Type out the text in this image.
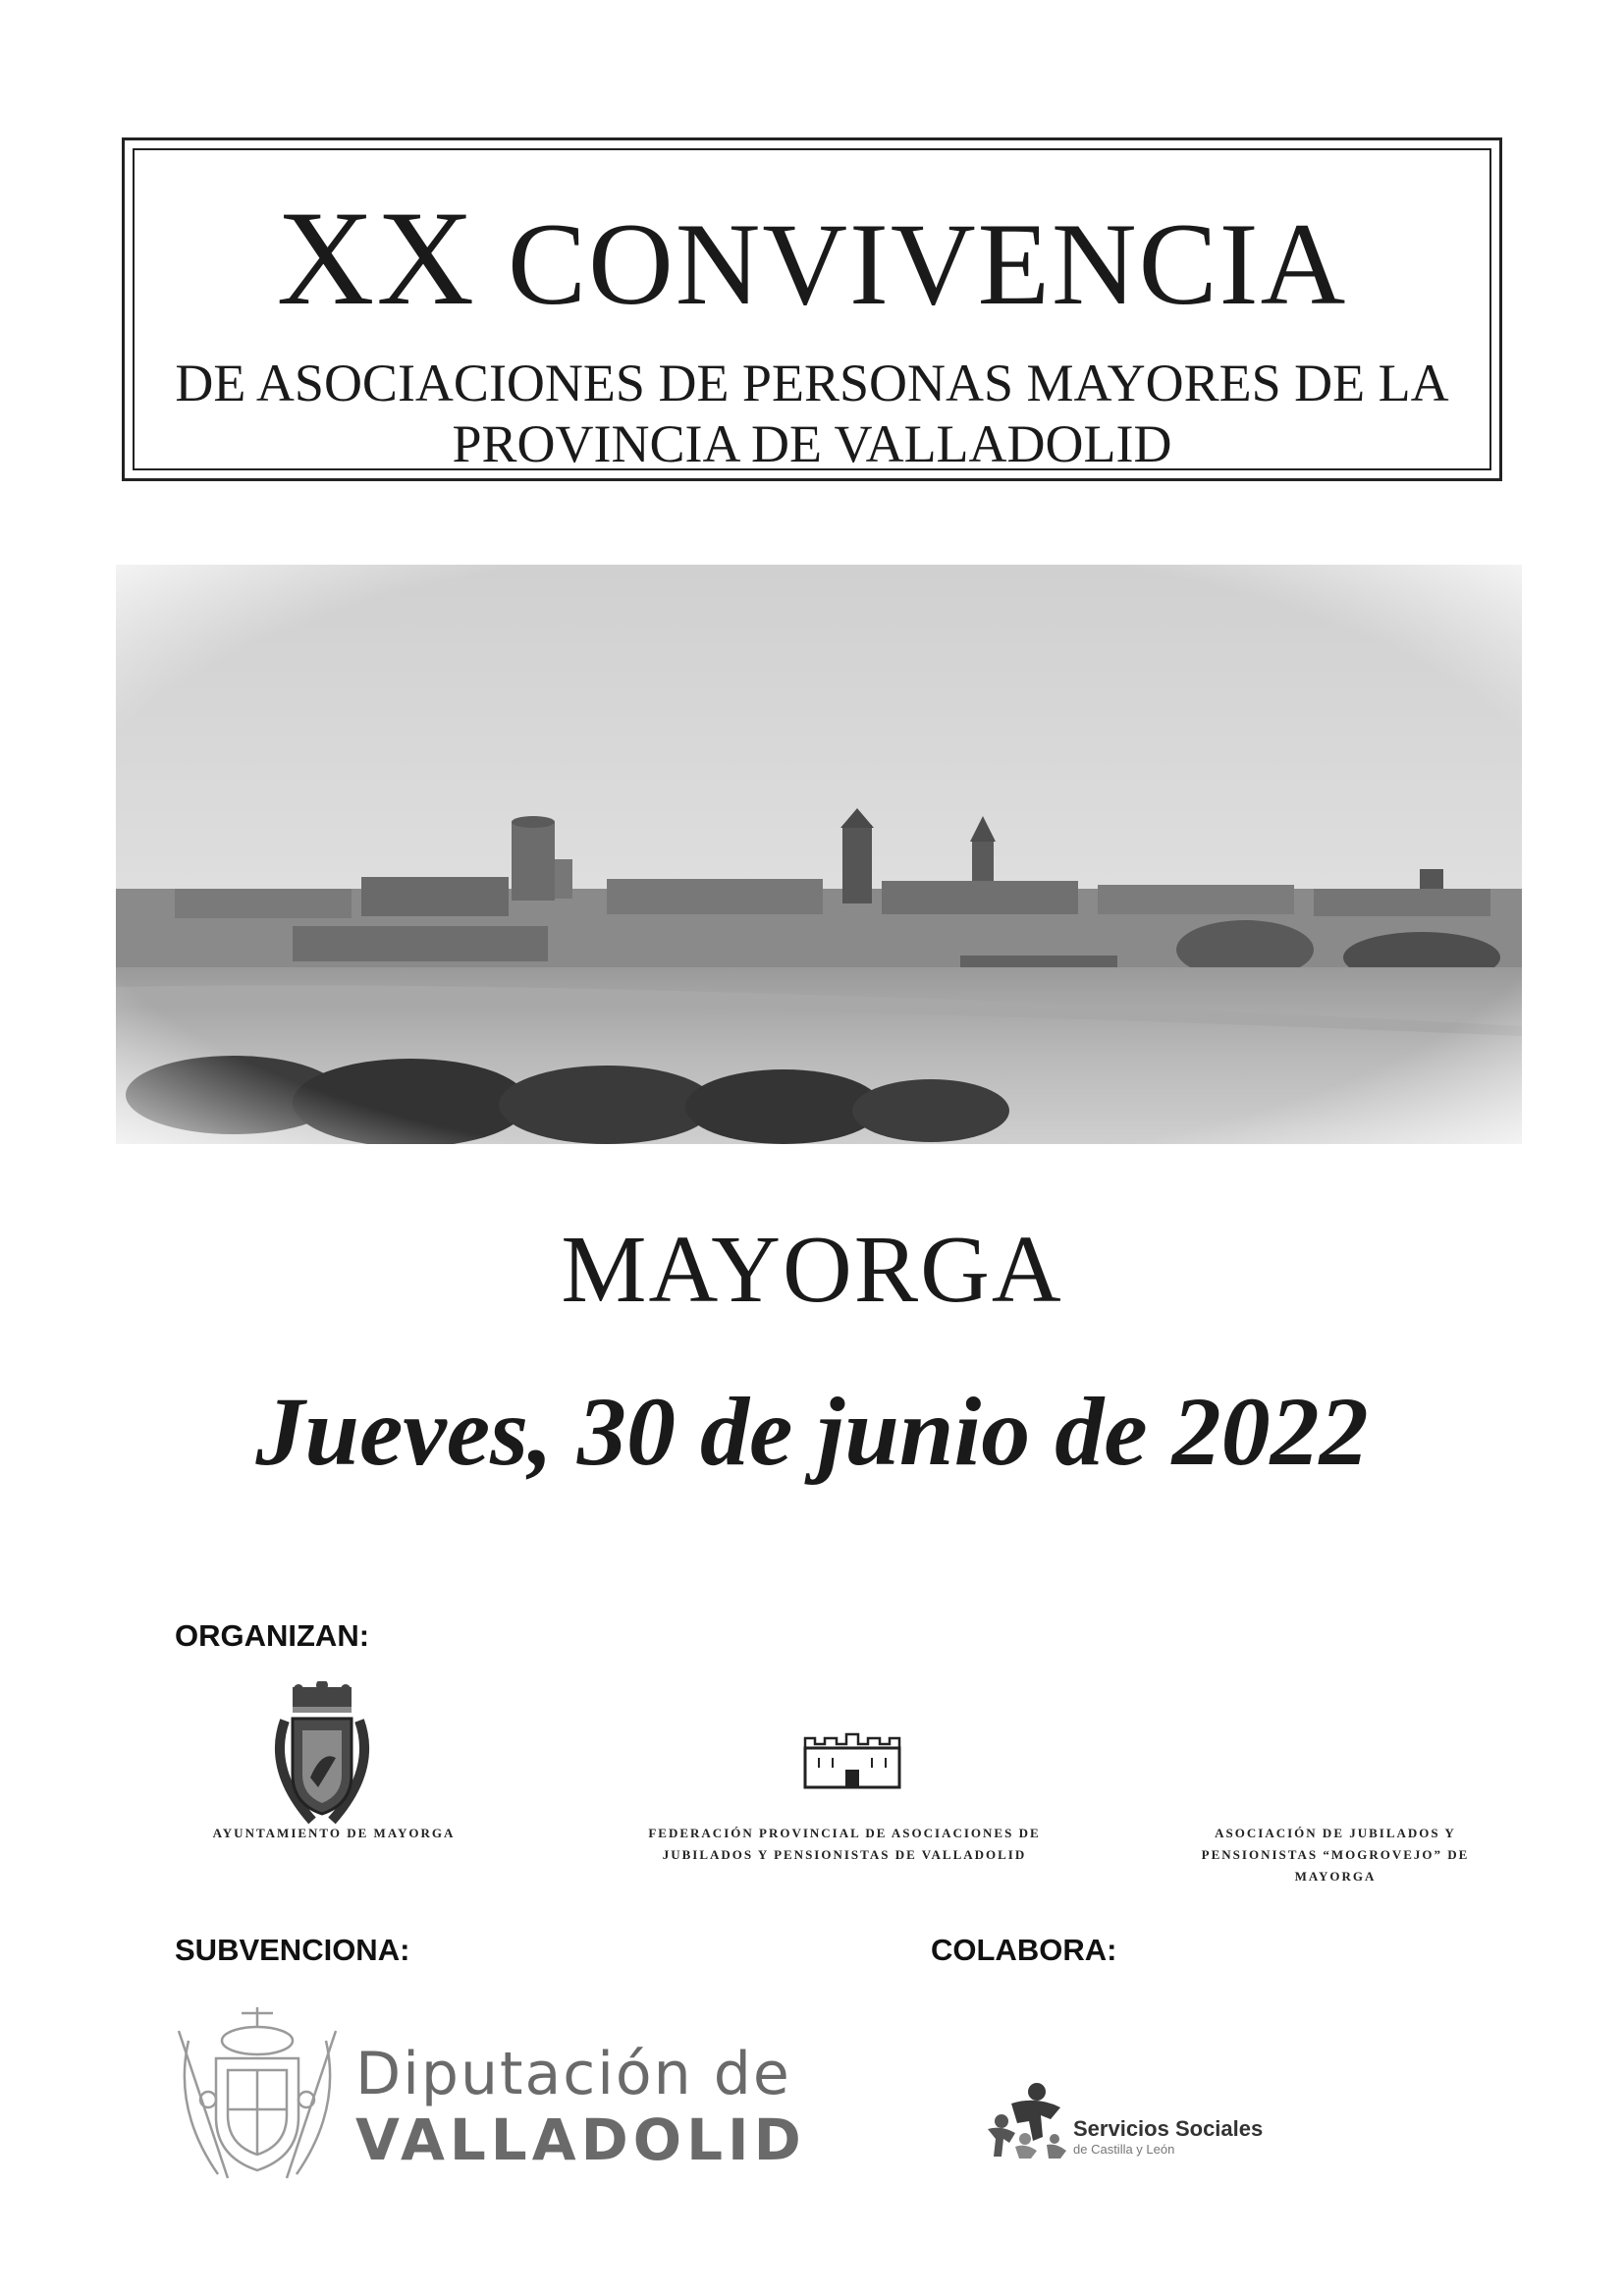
XX CONVIVENCIA
DE ASOCIACIONES DE PERSONAS MAYORES DE LA
PROVINCIA DE VALLADOLID
MAYORGA
Jueves, 30 de junio de 2022
ORGANIZAN:
AYUNTAMIENTO DE MAYORGA	FEDERACIÓN PROVINCIAL DE ASOCIACIONES DE
JUBILADOS Y PENSIONISTAS DE VALLADOLID
ASOCIACIÓN DE JUBILADOS Y
PENSIONISTAS “MOGROVEJO” DE
MAYORGA
SUBVENCIONA:	COLABORA:
Diputación de
VALLADOLID	Servicios Sociales
de Castilla y León
